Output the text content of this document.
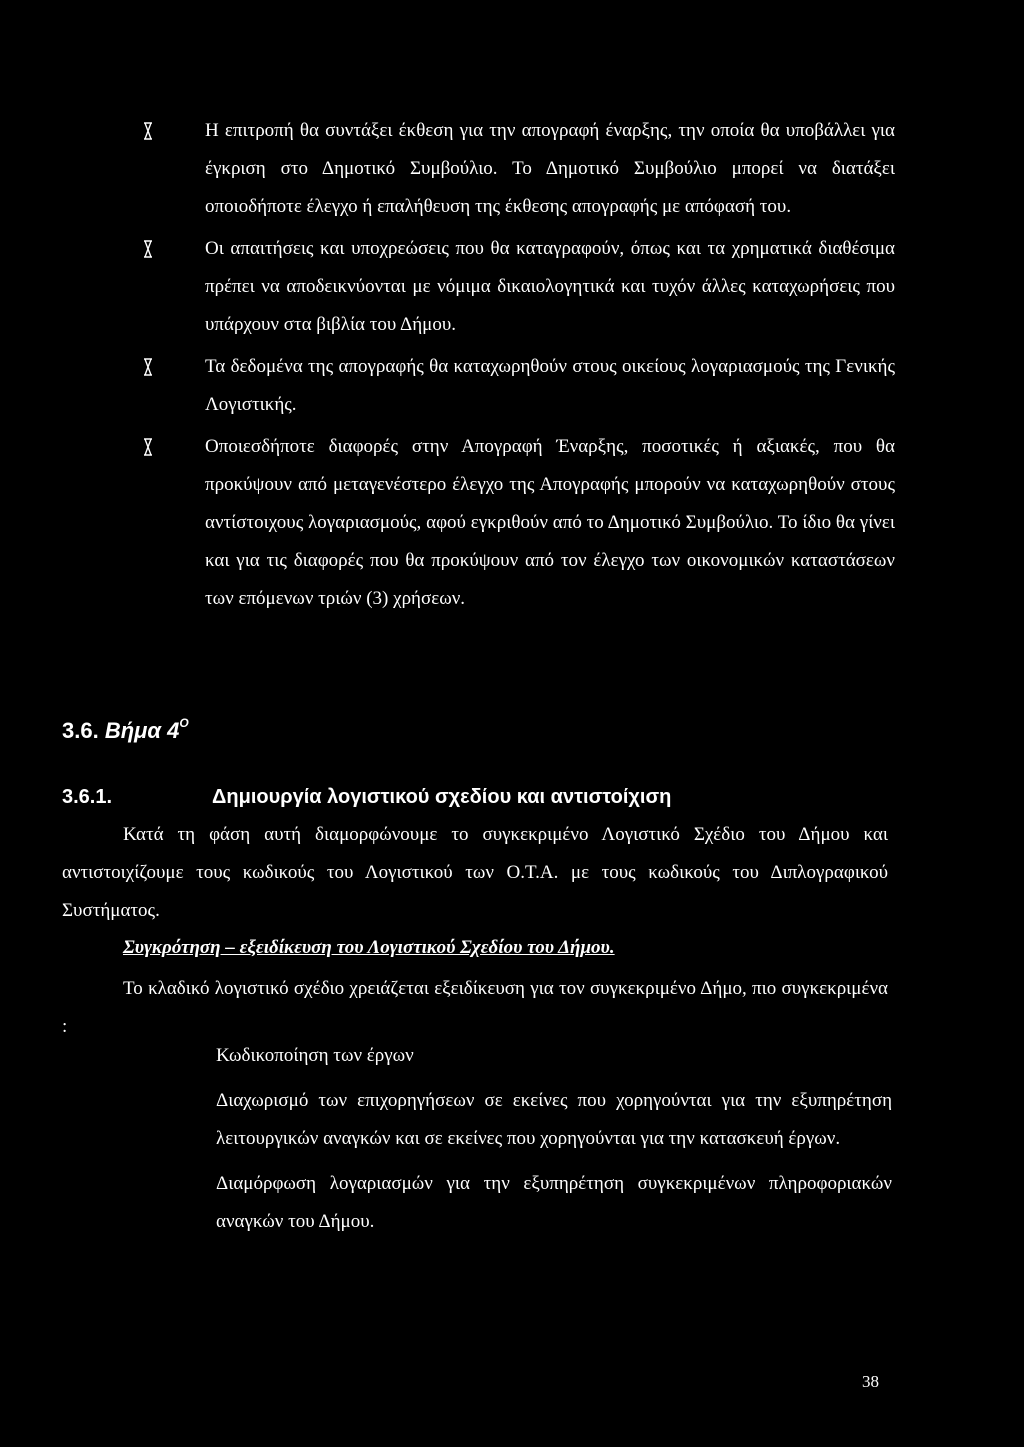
Η επιτροπή θα συντάξει έκθεση για την απογραφή έναρξης, την οποία θα υποβάλλει για έγκριση στο Δημοτικό Συμβούλιο. Το Δημοτικό Συμβούλιο μπορεί να διατάξει οποιοδήποτε έλεγχο ή επαλήθευση της έκθεσης απογραφής με απόφασή του.
Οι απαιτήσεις και υποχρεώσεις που θα καταγραφούν, όπως και τα χρηματικά διαθέσιμα πρέπει να αποδεικνύονται με νόμιμα δικαιολογητικά και τυχόν άλλες καταχωρήσεις που υπάρχουν στα βιβλία του Δήμου.
Τα δεδομένα της απογραφής θα καταχωρηθούν στους οικείους λογαριασμούς της Γενικής Λογιστικής.
Οποιεσδήποτε διαφορές στην Απογραφή Έναρξης, ποσοτικές ή αξιακές, που θα προκύψουν από μεταγενέστερο έλεγχο της Απογραφής μπορούν να καταχωρηθούν στους αντίστοιχους λογαριασμούς, αφού εγκριθούν από το Δημοτικό Συμβούλιο. Το ίδιο θα γίνει και για τις διαφορές που θα προκύψουν από τον έλεγχο των οικονομικών καταστάσεων των επόμενων τριών (3) χρήσεων.
3.6. Βήμα $4^O$
3.6.1.	Δημιουργία λογιστικού σχεδίου και αντιστοίχιση
Κατά τη φάση αυτή διαμορφώνουμε το συγκεκριμένο Λογιστικό Σχέδιο του Δήμου και αντιστοιχίζουμε τους κωδικούς του Λογιστικού των Ο.Τ.Α. με τους κωδικούς του Διπλογραφικού Συστήματος.
Συγκρότηση – εξειδίκευση του Λογιστικού Σχεδίου του Δήμου.
Το κλαδικό λογιστικό σχέδιο χρειάζεται εξειδίκευση για τον συγκεκριμένο Δήμο, πιο συγκεκριμένα :
Κωδικοποίηση των έργων
Διαχωρισμό των επιχορηγήσεων σε εκείνες που χορηγούνται για την εξυπηρέτηση λειτουργικών αναγκών και σε εκείνες που χορηγούνται για την κατασκευή έργων.
Διαμόρφωση λογαριασμών για την εξυπηρέτηση συγκεκριμένων πληροφοριακών αναγκών του Δήμου.
38
